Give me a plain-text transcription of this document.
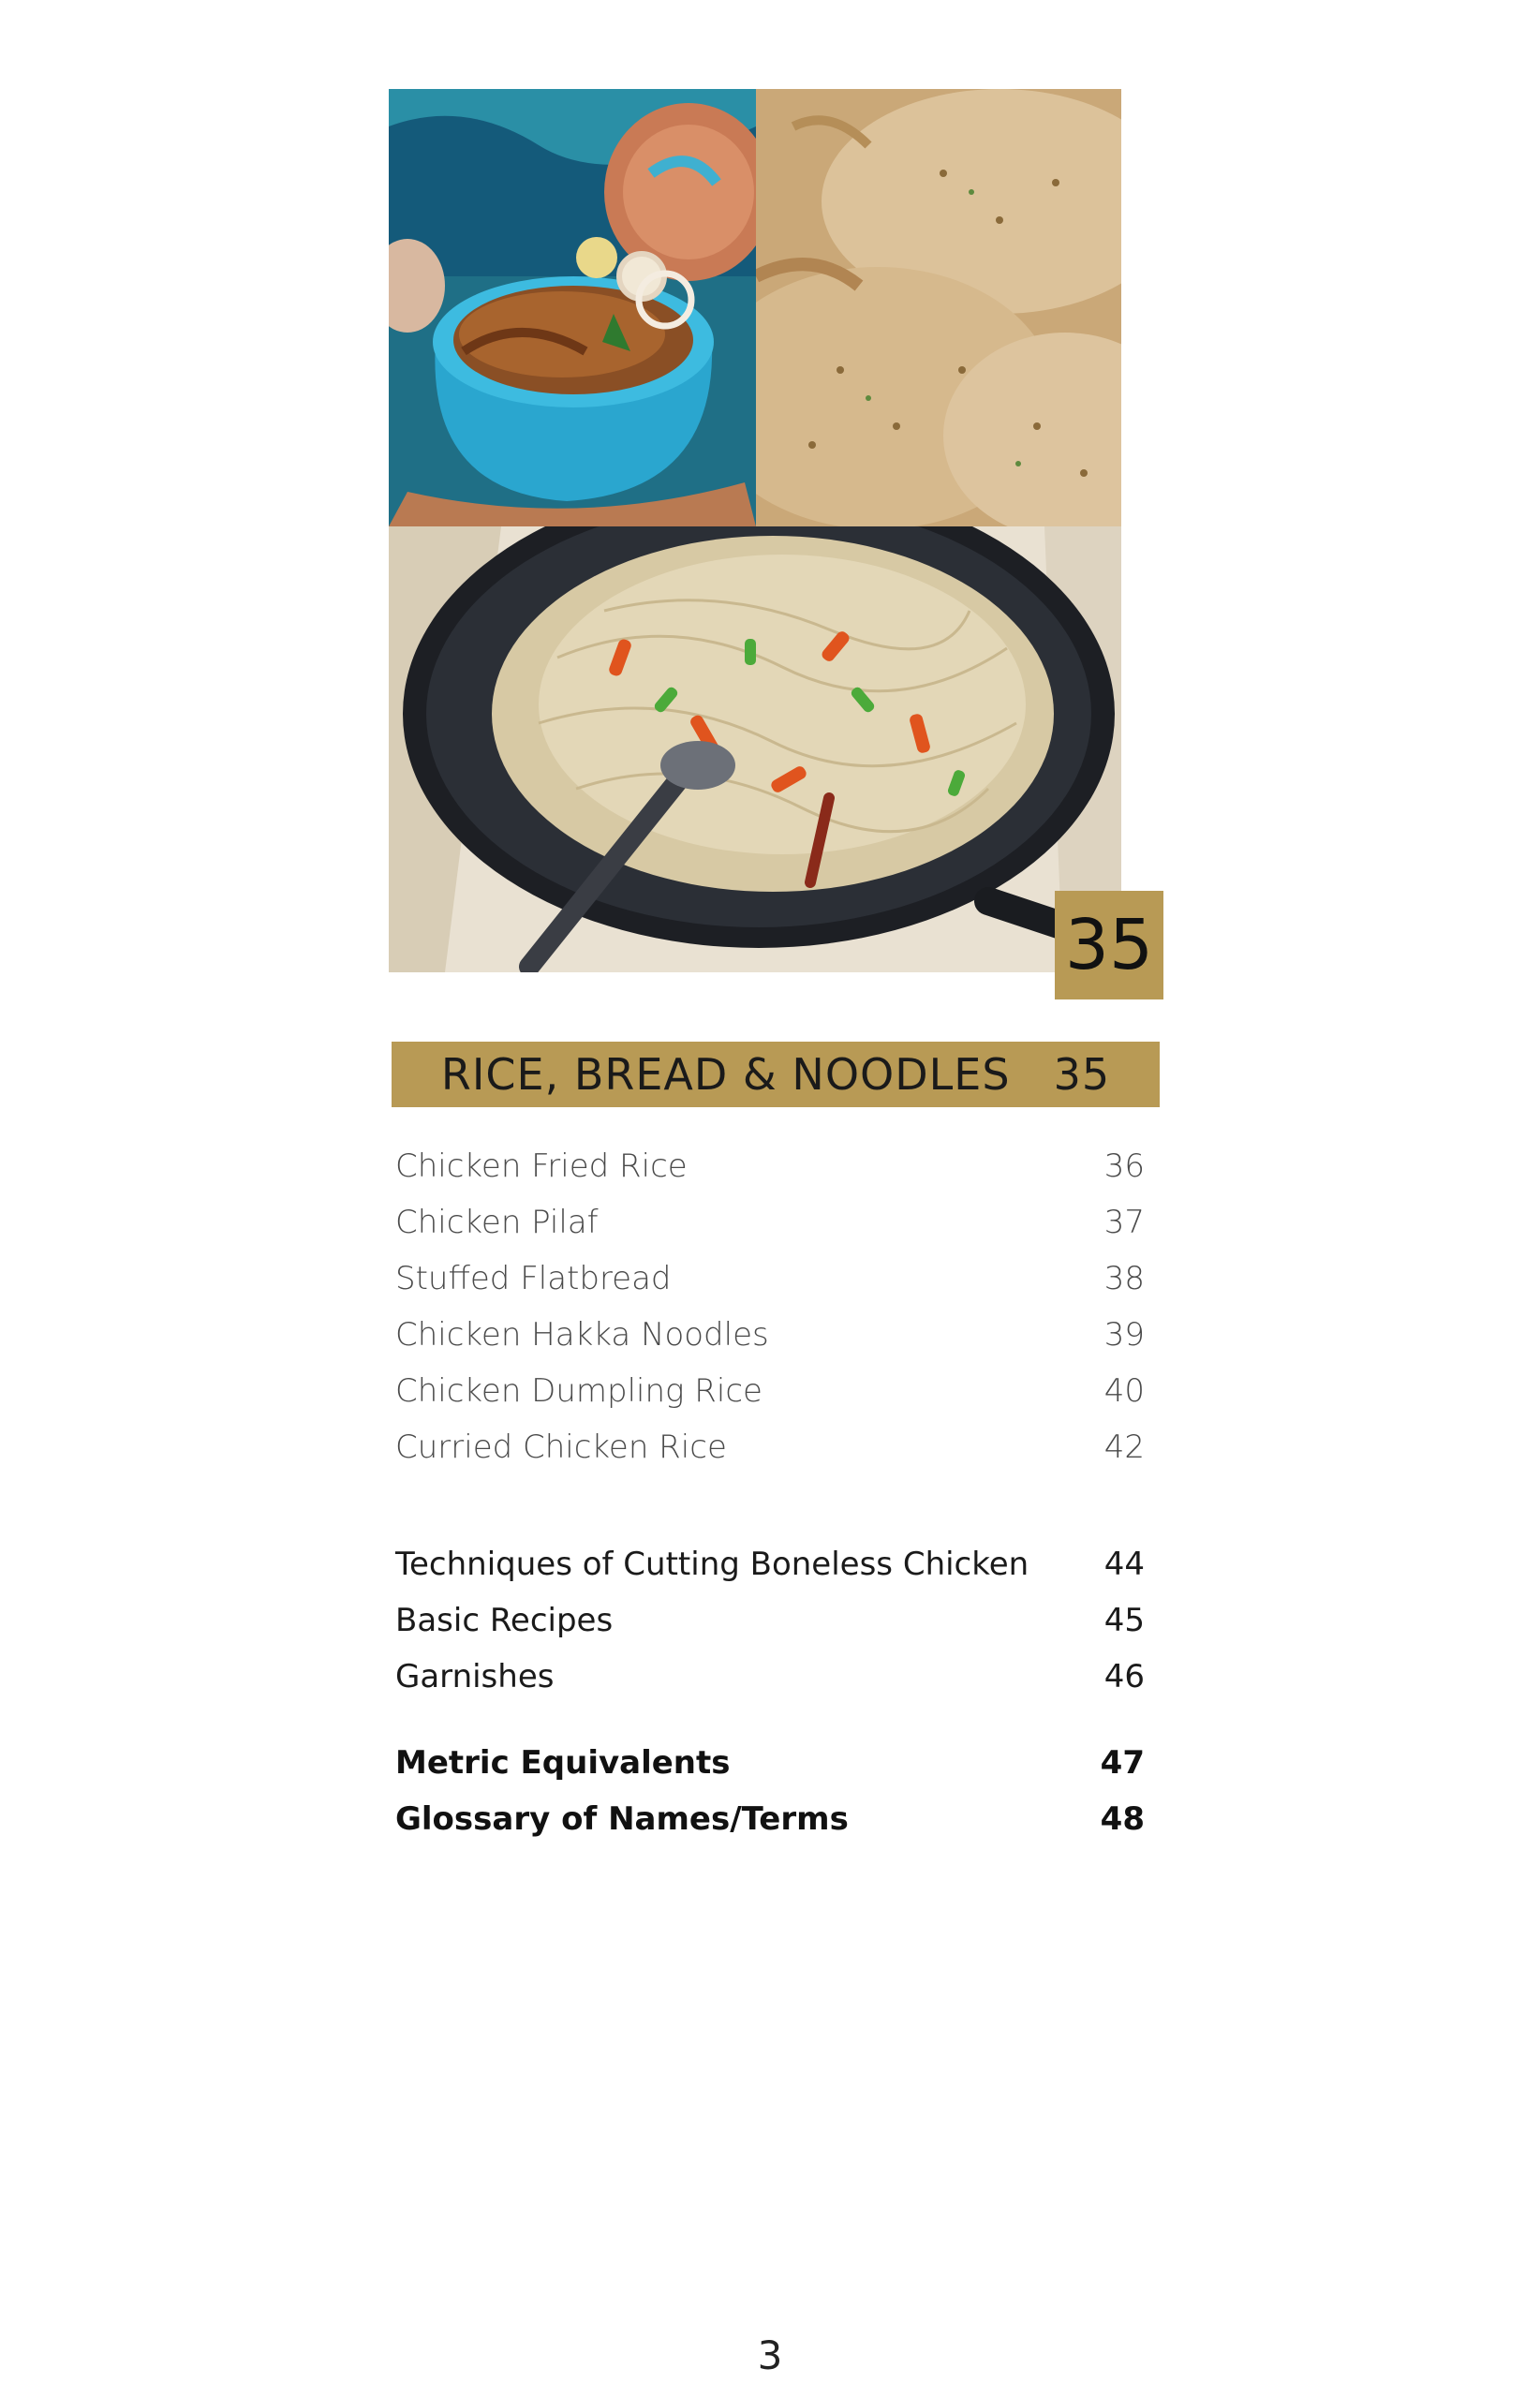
35
RICE, BREAD & NOODLES 35
Chicken Fried Rice	36
Chicken Pilaf	37
Stuffed Flatbread	38
Chicken Hakka Noodles	39
Chicken Dumpling Rice	40
Curried Chicken Rice	42
Techniques of Cutting Boneless Chicken	44
Basic Recipes	45
Garnishes	46
Metric Equivalents	47
Glossary of Names/Terms	48
3
